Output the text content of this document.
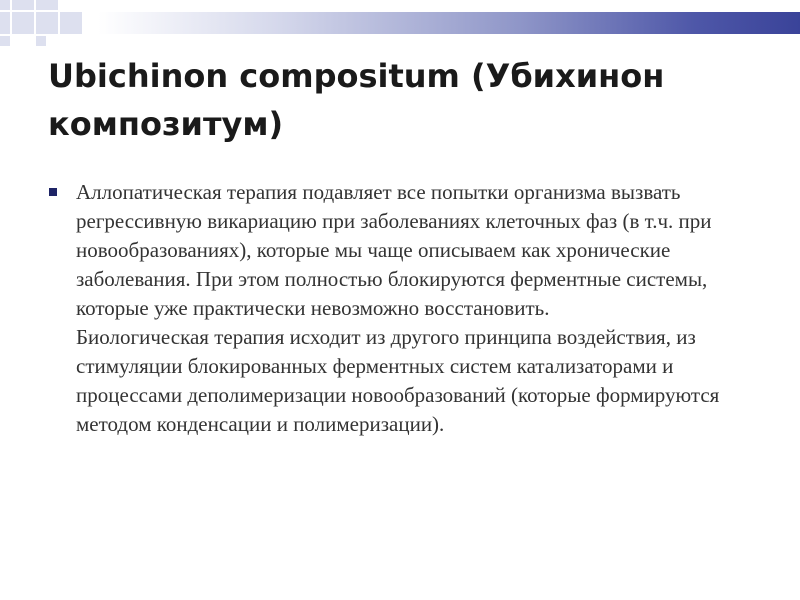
Ubichinon compositum (Убихинон композитум)
Аллопатическая терапия подавляет все попытки организма вызвать регрессивную викариацию при заболеваниях клеточных фаз (в т.ч. при новообразованиях), которые мы чаще описываем как хронические заболевания. При этом полностью блокируются ферментные системы, которые уже практически невозможно восстановить.
Биологическая терапия исходит из другого принципа воздействия, из стимуляции блокированных ферментных систем катализаторами и процессами деполимеризации новообразований (которые формируются методом конденсации и полимеризации).
